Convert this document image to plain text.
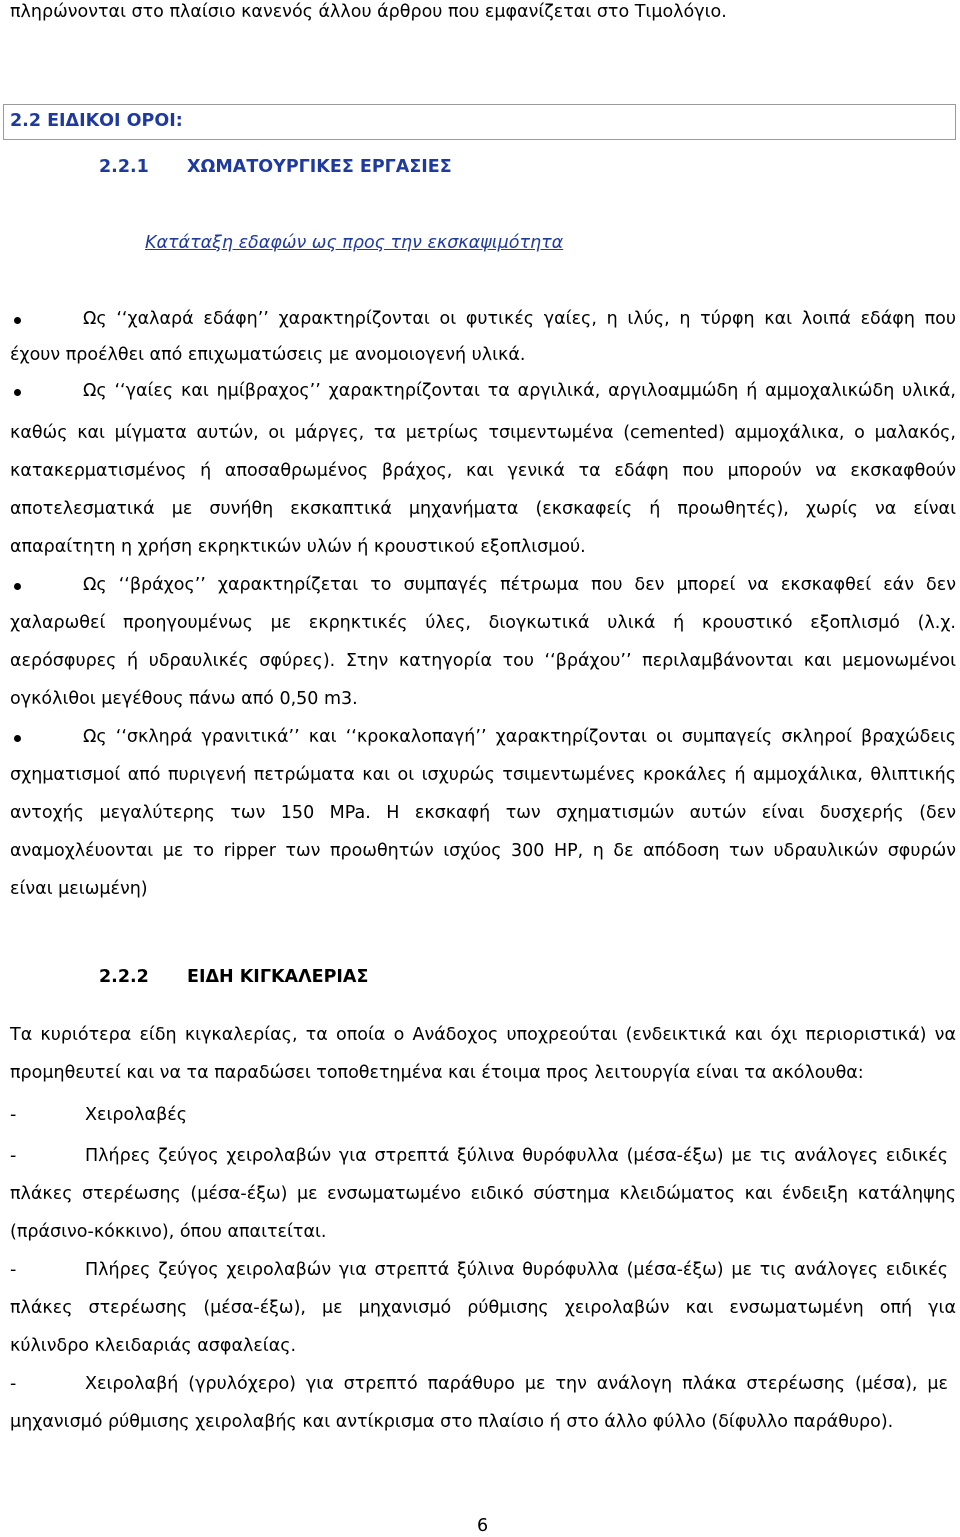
πληρώνονται στο πλαίσιο κανενός άλλου άρθρου που εμφανίζεται στο Τιμολόγιο.
2.2 ΕΙΔΙΚΟΙ ΟΡΟΙ:
2.2.1 ΧΩΜΑΤΟΥΡΓΙΚΕΣ ΕΡΓΑΣΙΕΣ
Κατάταξη εδαφών ως προς την εκσκαψιμότητα
Ως ‘‘χαλαρά εδάφη’’ χαρακτηρίζονται οι φυτικές γαίες, η ιλύς, η τύρφη και λοιπά εδάφη που
έχουν προέλθει από επιχωματώσεις με ανομοιογενή υλικά.
Ως ‘‘γαίες και ημίβραχος’’ χαρακτηρίζονται τα αργιλικά, αργιλοαμμώδη ή αμμοχαλικώδη υλικά,
καθώς και μίγματα αυτών, οι μάργες, τα μετρίως τσιμεντωμένα (cemented) αμμοχάλικα, ο μαλακός,
κατακερματισμένος ή αποσαθρωμένος βράχος, και γενικά τα εδάφη που μπορούν να εκσκαφθούν
αποτελεσματικά με συνήθη εκσκαπτικά μηχανήματα (εκσκαφείς ή προωθητές), χωρίς να είναι
απαραίτητη η χρήση εκρηκτικών υλών ή κρουστικού εξοπλισμού.
Ως ‘‘βράχος’’ χαρακτηρίζεται το συμπαγές πέτρωμα που δεν μπορεί να εκσκαφθεί εάν δεν
χαλαρωθεί προηγουμένως με εκρηκτικές ύλες, διογκωτικά υλικά ή κρουστικό εξοπλισμό (λ.χ.
αερόσφυρες ή υδραυλικές σφύρες). Στην κατηγορία του ‘‘βράχου’’ περιλαμβάνονται και μεμονωμένοι
ογκόλιθοι μεγέθους πάνω από 0,50 m3.
Ως ‘‘σκληρά γρανιτικά’’ και ‘‘κροκαλοπαγή’’ χαρακτηρίζονται οι συμπαγείς σκληροί βραχώδεις
σχηματισμοί από πυριγενή πετρώματα και οι ισχυρώς τσιμεντωμένες κροκάλες ή αμμοχάλικα, θλιπτικής
αντοχής μεγαλύτερης των 150 MPa. Η εκσκαφή των σχηματισμών αυτών είναι δυσχερής (δεν
αναμοχλέυονται με το ripper των προωθητών ισχύος 300 HP, η δε απόδοση των υδραυλικών σφυρών
είναι μειωμένη)
2.2.2 ΕΙΔΗ ΚΙΓΚΑΛΕΡΙΑΣ
Τα κυριότερα είδη κιγκαλερίας, τα οποία ο Ανάδοχος υποχρεούται (ενδεικτικά και όχι περιοριστικά) να
προμηθευτεί και να τα παραδώσει τοποθετημένα και έτοιμα προς λειτουργία είναι τα ακόλουθα:
-	Χειρολαβές
-	Πλήρες ζεύγος χειρολαβών για στρεπτά ξύλινα θυρόφυλλα (μέσα-έξω) με τις ανάλογες ειδικές
πλάκες στερέωσης (μέσα-έξω) με ενσωματωμένο ειδικό σύστημα κλειδώματος και ένδειξη κατάληψης
(πράσινο-κόκκινο), όπου απαιτείται.
-	Πλήρες ζεύγος χειρολαβών για στρεπτά ξύλινα θυρόφυλλα (μέσα-έξω) με τις ανάλογες ειδικές
πλάκες στερέωσης (μέσα-έξω), με μηχανισμό ρύθμισης χειρολαβών και ενσωματωμένη οπή για
κύλινδρο κλειδαριάς ασφαλείας.
-	Χειρολαβή (γρυλόχερο) για στρεπτό παράθυρο με την ανάλογη πλάκα στερέωσης (μέσα), με
μηχανισμό ρύθμισης χειρολαβής και αντίκρισμα στο πλαίσιο ή στο άλλο φύλλο (δίφυλλο παράθυρο).
6
